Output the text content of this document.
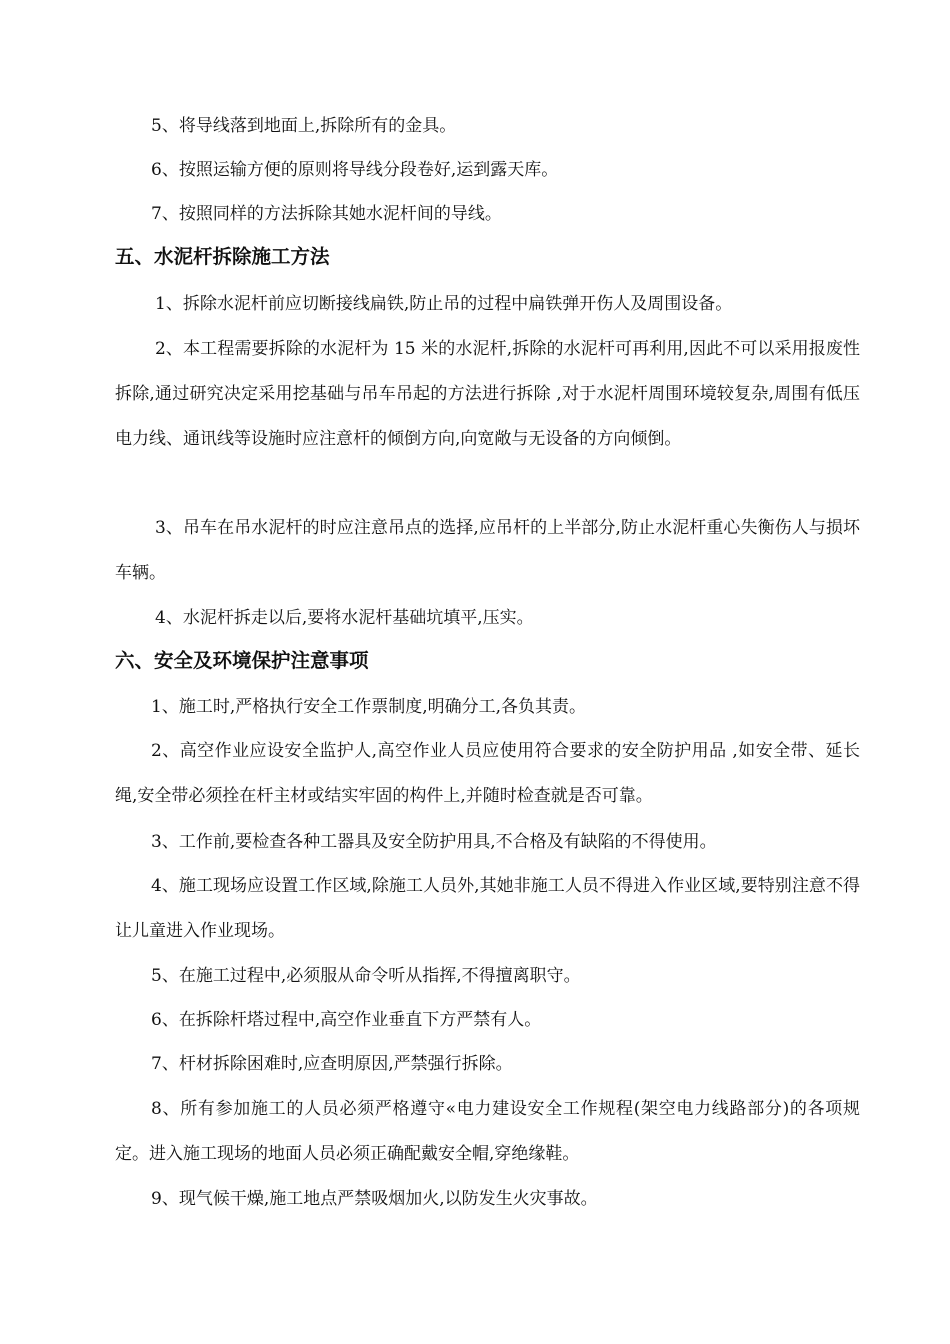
5、将导线落到地面上,拆除所有的金具。

6、按照运输方便的原则将导线分段卷好,运到露天库。

7、按照同样的方法拆除其她水泥杆间的导线。

五、水泥杆拆除施工方法

1、拆除水泥杆前应切断接线扁铁,防止吊的过程中扁铁弹开伤人及周围设备。

2、本工程需要拆除的水泥杆为 15 米的水泥杆,拆除的水泥杆可再利用,因此不可以采用报废性拆除,通过研究决定采用挖基础与吊车吊起的方法进行拆除 ,对于水泥杆周围环境较复杂,周围有低压电力线、通讯线等设施时应注意杆的倾倒方向,向宽敞与无设备的方向倾倒。

3、吊车在吊水泥杆的时应注意吊点的选择,应吊杆的上半部分,防止水泥杆重心失衡伤人与损坏车辆。

4、水泥杆拆走以后,要将水泥杆基础坑填平,压实。

六、安全及环境保护注意事项

1、施工时,严格执行安全工作票制度,明确分工,各负其责。

2、高空作业应设安全监护人,高空作业人员应使用符合要求的安全防护用品 ,如安全带、延长绳,安全带必须拴在杆主材或结实牢固的构件上,并随时检查就是否可靠。

3、工作前,要检查各种工器具及安全防护用具,不合格及有缺陷的不得使用。

4、施工现场应设置工作区域,除施工人员外,其她非施工人员不得进入作业区域,要特别注意不得让儿童进入作业现场。

5、在施工过程中,必须服从命令听从指挥,不得擅离职守。

6、在拆除杆塔过程中,高空作业垂直下方严禁有人。

7、杆材拆除困难时,应查明原因,严禁强行拆除。

8、所有参加施工的人员必须严格遵守«电力建设安全工作规程(架空电力线路部分)的各项规定。进入施工现场的地面人员必须正确配戴安全帽,穿绝缘鞋。

9、现气候干燥,施工地点严禁吸烟加火,以防发生火灾事故。
